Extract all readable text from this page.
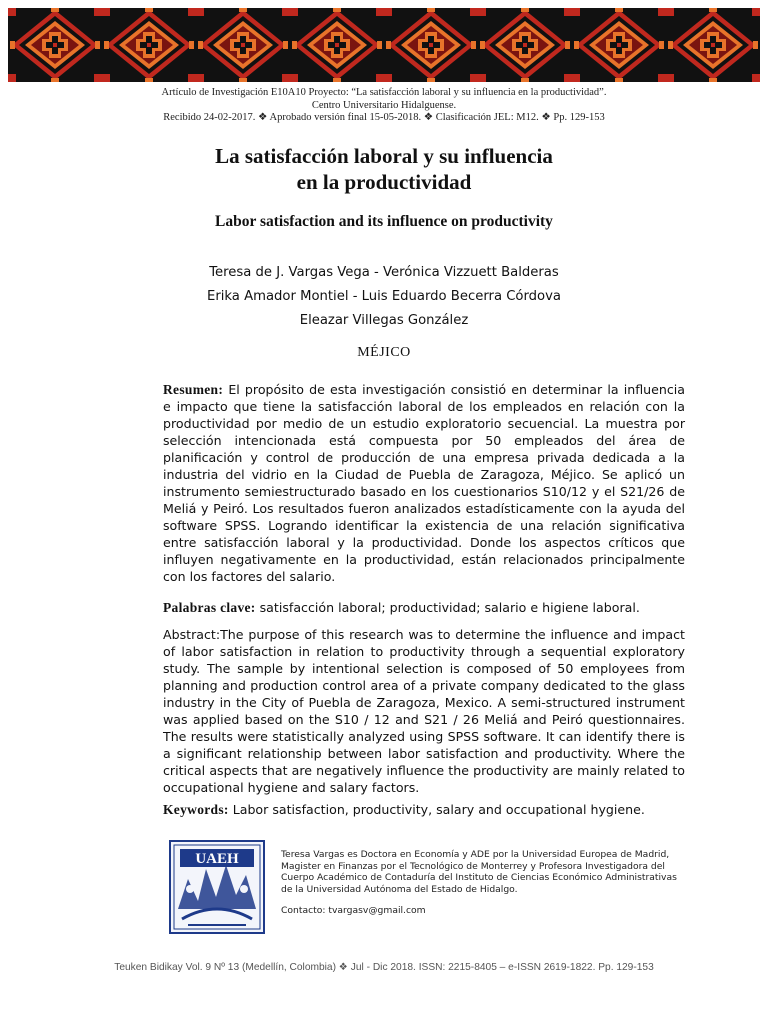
Artículo de Investigación E10A10 Proyecto: “La satisfacción laboral y su influencia en la productividad”.
Centro Universitario Hidalguense.
Recibido 24-02-2017. ❖ Aprobado versión final 15-05-2018. ❖ Clasificación JEL: M12. ❖ Pp. 129-153
La satisfacción laboral y su influencia
en la productividad
Labor satisfaction and its influence on productivity
Teresa de J. Vargas Vega - Verónica Vizzuett Balderas
Erika Amador Montiel - Luis Eduardo Becerra Córdova
Eleazar Villegas González
MÉJICO
Resumen: El propósito de esta investigación consistió en determinar la influencia e impacto que tiene la satisfacción laboral de los empleados en relación con la productividad por medio de un estudio exploratorio secuencial. La muestra por selección intencionada está compuesta por 50 empleados del área de planificación y control de producción de una empresa privada dedicada a la industria del vidrio en la Ciudad de Puebla de Zaragoza, Méjico. Se aplicó un instrumento semiestructurado basado en los cuestionarios S10/12 y el S21/26 de Meliá y Peiró. Los resultados fueron analizados estadísticamente con la ayuda del software SPSS. Logrando identificar la existencia de una relación significativa entre satisfacción laboral y la productividad. Donde los aspectos críticos que influyen negativamente en la productividad, están relacionados principalmente con los factores del salario.
Palabras clave: satisfacción laboral; productividad; salario e higiene laboral.
Abstract:The purpose of this research was to determine the influence and impact of labor satisfaction in relation to productivity through a sequential exploratory study. The sample by intentional selection is composed of 50 employees from planning and production control area of a private company dedicated to the glass industry in the City of Puebla de Zaragoza, Mexico. A semi-structured instrument was applied based on the S10 / 12 and S21 / 26 Meliá and Peiró questionnaires. The results were statistically analyzed using SPSS software. It can identify there is a significant relationship between labor satisfaction and productivity. Where the critical aspects that are negatively influence the productivity are mainly related to occupational hygiene and salary factors.
Keywords: Labor satisfaction, productivity, salary and occupational hygiene.
UAEH	Teresa Vargas es Doctora en Economía y ADE por la Universidad Europea de Madrid, Magister en Finanzas por el Tecnológico de Monterrey y Profesora Investigadora del Cuerpo Académico de Contaduría del Instituto de Ciencias Económico Administrativas de la Universidad Autónoma del Estado de Hidalgo.
Contacto: tvargasv@gmail.com
Teuken Bidikay Vol. 9 Nº 13 (Medellín, Colombia) ❖ Jul - Dic 2018. ISSN: 2215-8405 – e-ISSN 2619-1822. Pp. 129-153
